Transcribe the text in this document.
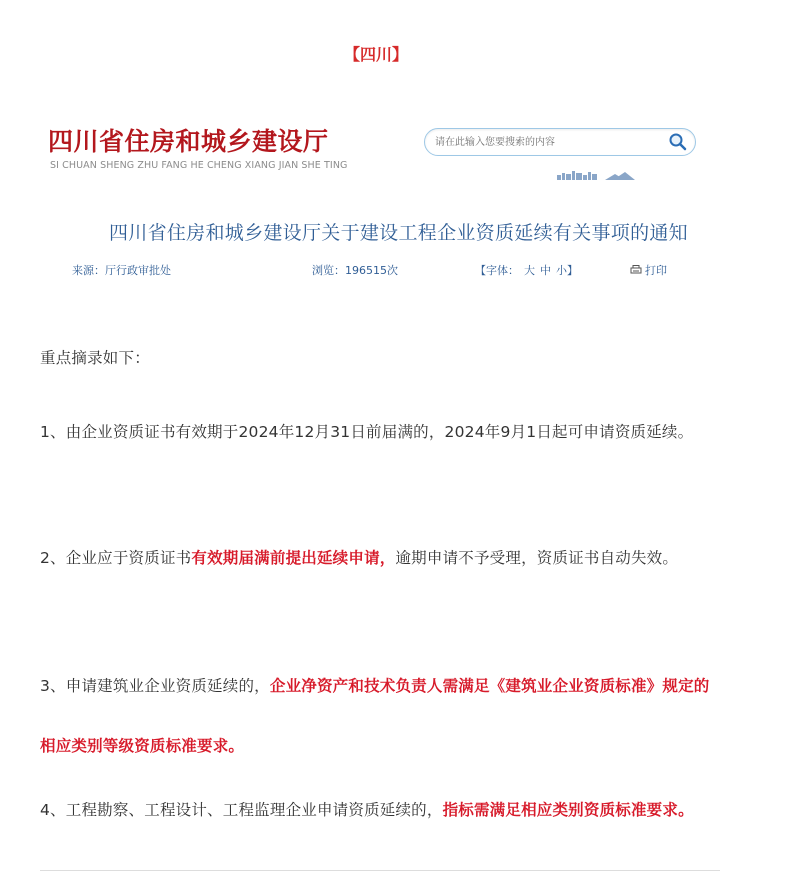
【四川】
四川省住房和城乡建设厅
SI CHUAN SHENG ZHU FANG HE CHENG XIANG JIAN SHE TING
请在此输入您要搜索的内容
四川省住房和城乡建设厅关于建设工程企业资质延续有关事项的通知
来源：厅行政审批处	浏览：196515次	【字体： 大 中 小】	打印
重点摘录如下：
1、由企业资质证书有效期于2024年12月31日前届满的，2024年9月1日起可申请资质延续。
2、企业应于资质证书有效期届满前提出延续申请，逾期申请不予受理，资质证书自动失效。
3、申请建筑业企业资质延续的，企业净资产和技术负责人需满足《建筑业企业资质标准》规定的相应类别等级资质标准要求。
4、工程勘察、工程设计、工程监理企业申请资质延续的，指标需满足相应类别资质标准要求。
